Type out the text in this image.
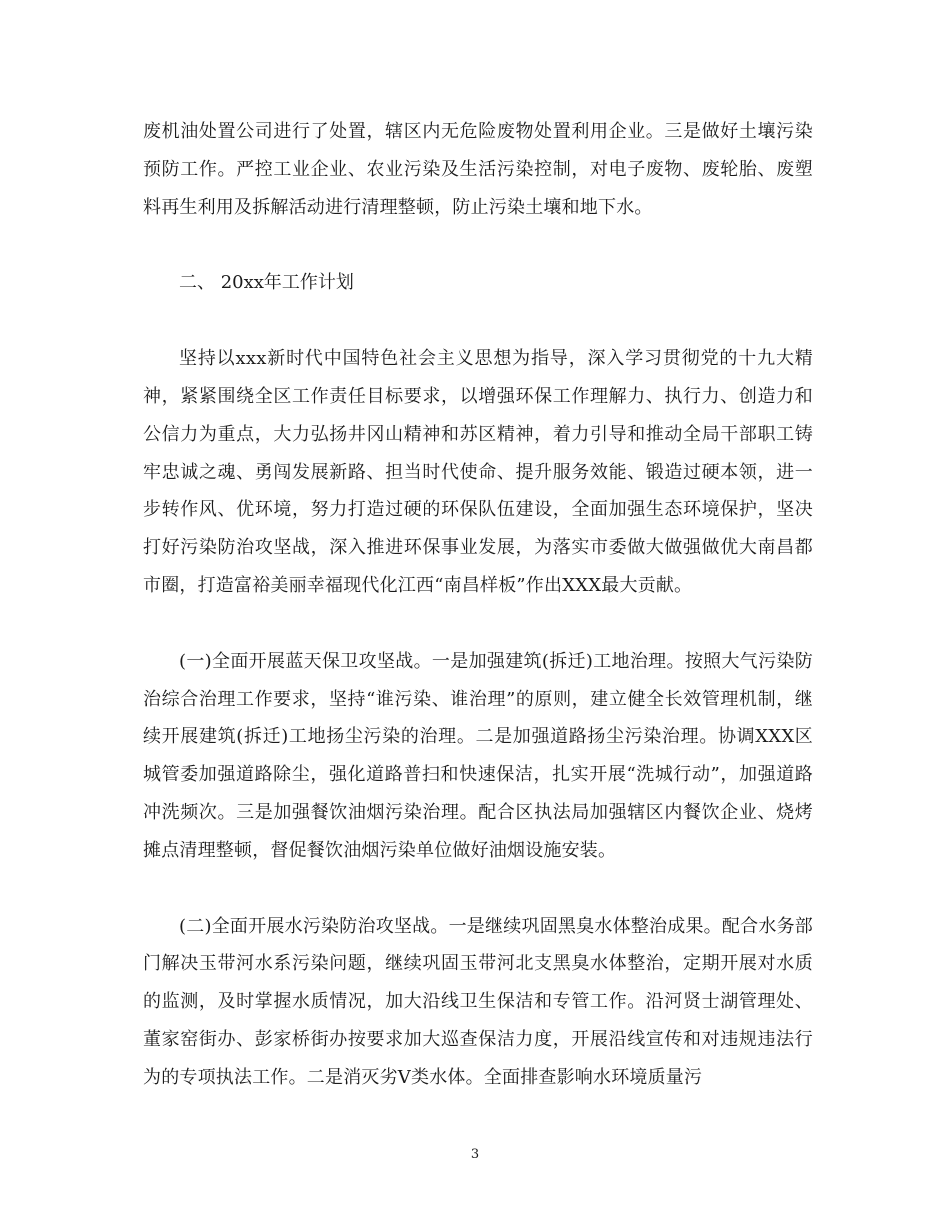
废机油处置公司进行了处置，辖区内无危险废物处置利用企业。三是做好土壤污染预防工作。严控工业企业、农业污染及生活污染控制，对电子废物、废轮胎、废塑料再生利用及拆解活动进行清理整顿，防止污染土壤和地下水。

二、 20xx年工作计划

坚持以xxx新时代中国特色社会主义思想为指导，深入学习贯彻党的十九大精神，紧紧围绕全区工作责任目标要求，以增强环保工作理解力、执行力、创造力和公信力为重点，大力弘扬井冈山精神和苏区精神，着力引导和推动全局干部职工铸牢忠诚之魂、勇闯发展新路、担当时代使命、提升服务效能、锻造过硬本领，进一步转作风、优环境，努力打造过硬的环保队伍建设，全面加强生态环境保护，坚决打好污染防治攻坚战，深入推进环保事业发展，为落实市委做大做强做优大南昌都市圈，打造富裕美丽幸福现代化江西“南昌样板”作出XXX最大贡献。

(一)全面开展蓝天保卫攻坚战。一是加强建筑(拆迁)工地治理。按照大气污染防治综合治理工作要求，坚持“谁污染、谁治理”的原则，建立健全长效管理机制，继续开展建筑(拆迁)工地扬尘污染的治理。二是加强道路扬尘污染治理。协调XXX区城管委加强道路除尘，强化道路普扫和快速保洁，扎实开展“洗城行动”，加强道路冲洗频次。三是加强餐饮油烟污染治理。配合区执法局加强辖区内餐饮企业、烧烤摊点清理整顿，督促餐饮油烟污染单位做好油烟设施安装。

(二)全面开展水污染防治攻坚战。一是继续巩固黑臭水体整治成果。配合水务部门解决玉带河水系污染问题，继续巩固玉带河北支黑臭水体整治，定期开展对水质的监测，及时掌握水质情况，加大沿线卫生保洁和专管工作。沿河贤士湖管理处、董家窑街办、彭家桥街办按要求加大巡查保洁力度，开展沿线宣传和对违规违法行为的专项执法工作。二是消灭劣V类水体。全面排查影响水环境质量污

3
